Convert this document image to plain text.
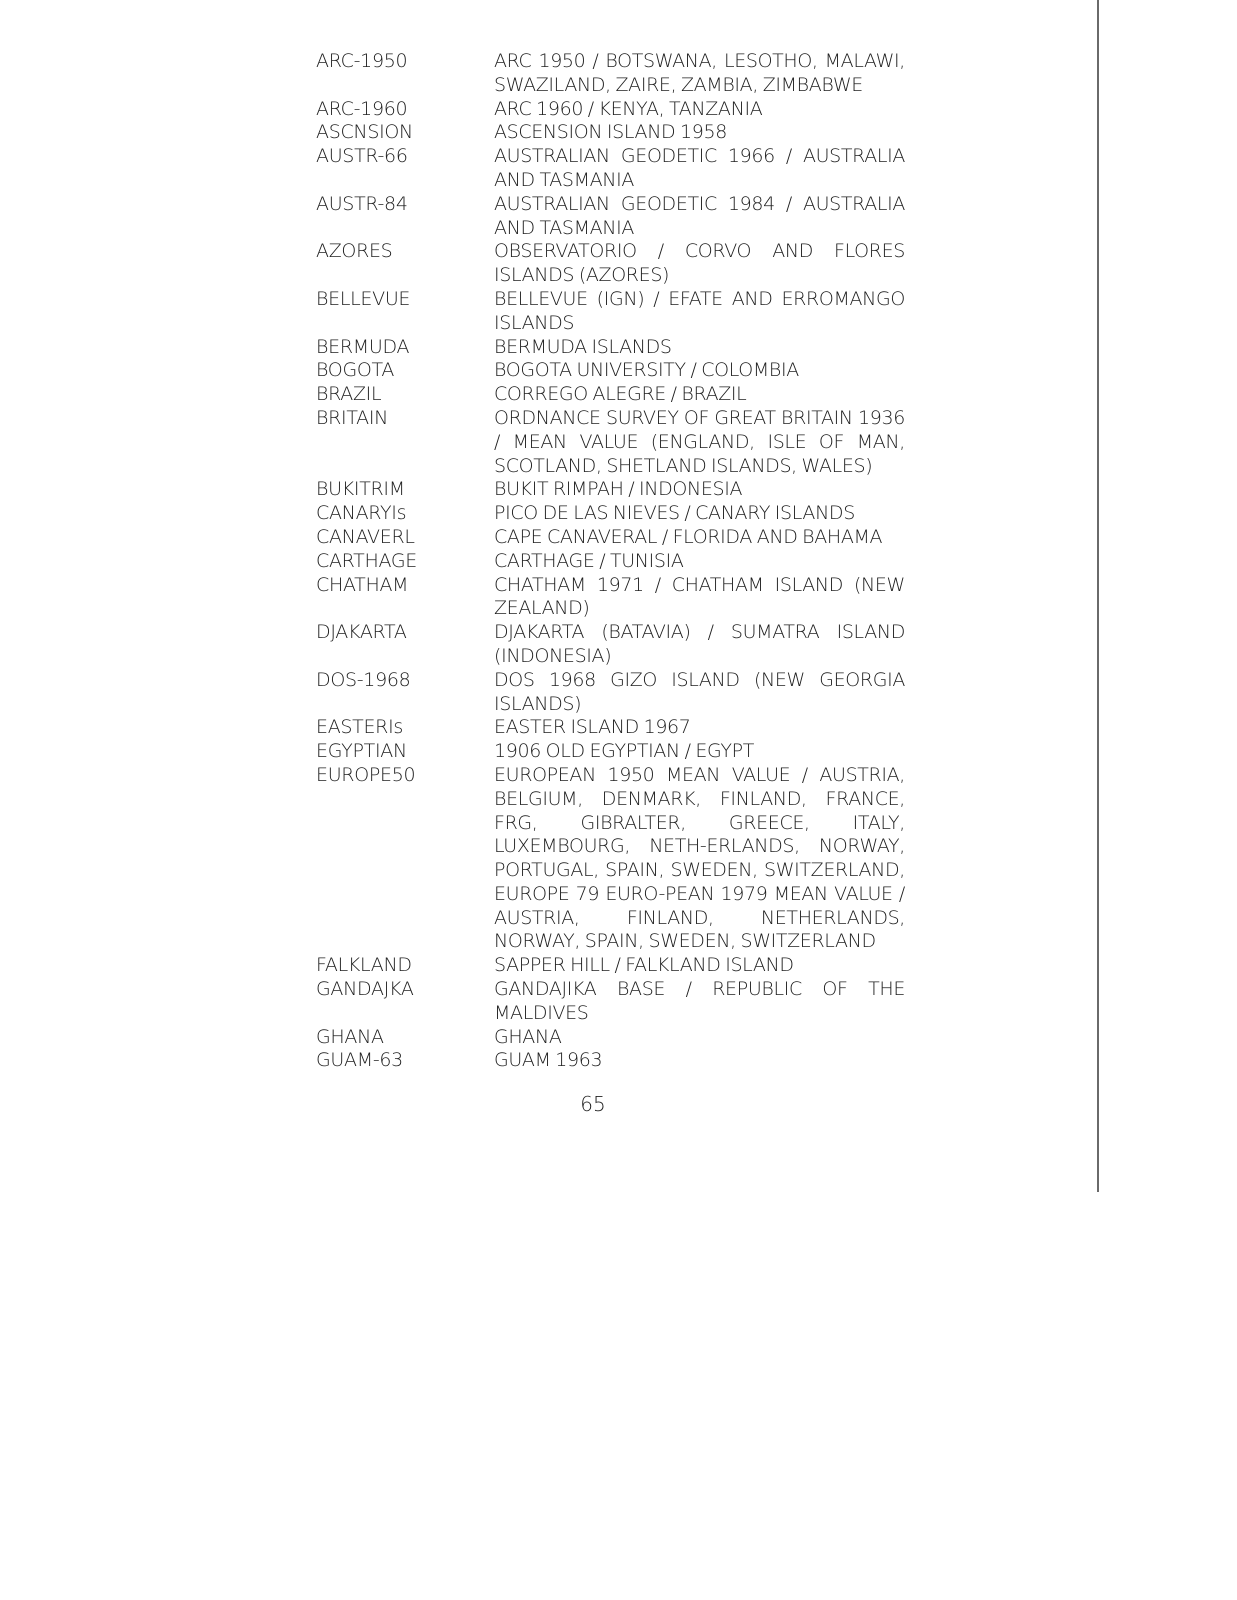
ARC-1950	ARC 1950 / BOTSWANA, LESOTHO, MALAWI, SWAZILAND, ZAIRE, ZAMBIA, ZIMBABWE
ARC-1960	ARC 1960 / KENYA, TANZANIA
ASCNSION	ASCENSION ISLAND 1958
AUSTR-66	AUSTRALIAN GEODETIC 1966 / AUSTRALIA AND TASMANIA
AUSTR-84	AUSTRALIAN GEODETIC 1984 / AUSTRALIA AND TASMANIA
AZORES	OBSERVATORIO / CORVO AND FLORES ISLANDS (AZORES)
BELLEVUE	BELLEVUE (IGN) / EFATE AND ERROMANGO ISLANDS
BERMUDA	BERMUDA ISLANDS
BOGOTA	BOGOTA UNIVERSITY / COLOMBIA
BRAZIL	CORREGO ALEGRE / BRAZIL
BRITAIN	ORDNANCE SURVEY OF GREAT BRITAIN 1936 / MEAN VALUE (ENGLAND, ISLE OF MAN, SCOTLAND, SHETLAND ISLANDS, WALES)
BUKITRIM	BUKIT RIMPAH / INDONESIA
CANARYIs	PICO DE LAS NIEVES / CANARY ISLANDS
CANAVERL	CAPE CANAVERAL / FLORIDA AND BAHAMA
CARTHAGE	CARTHAGE / TUNISIA
CHATHAM	CHATHAM 1971 / CHATHAM ISLAND (NEW ZEALAND)
DJAKARTA	DJAKARTA (BATAVIA) / SUMATRA ISLAND (INDONESIA)
DOS-1968	DOS 1968 GIZO ISLAND (NEW GEORGIA ISLANDS)
EASTERIs	EASTER ISLAND 1967
EGYPTIAN	1906 OLD EGYPTIAN / EGYPT
EUROPE50	EUROPEAN 1950 MEAN VALUE / AUSTRIA, BELGIUM, DENMARK, FINLAND, FRANCE, FRG, GIBRALTER, GREECE, ITALY, LUXEMBOURG, NETH-ERLANDS, NORWAY, PORTUGAL, SPAIN, SWEDEN, SWITZERLAND, EUROPE 79 EURO-PEAN 1979 MEAN VALUE / AUSTRIA, FINLAND, NETHERLANDS, NORWAY, SPAIN, SWEDEN, SWITZERLAND
FALKLAND	SAPPER HILL / FALKLAND ISLAND
GANDAJKA	GANDAJIKA BASE / REPUBLIC OF THE MALDIVES
GHANA	GHANA
GUAM-63	GUAM 1963
65
